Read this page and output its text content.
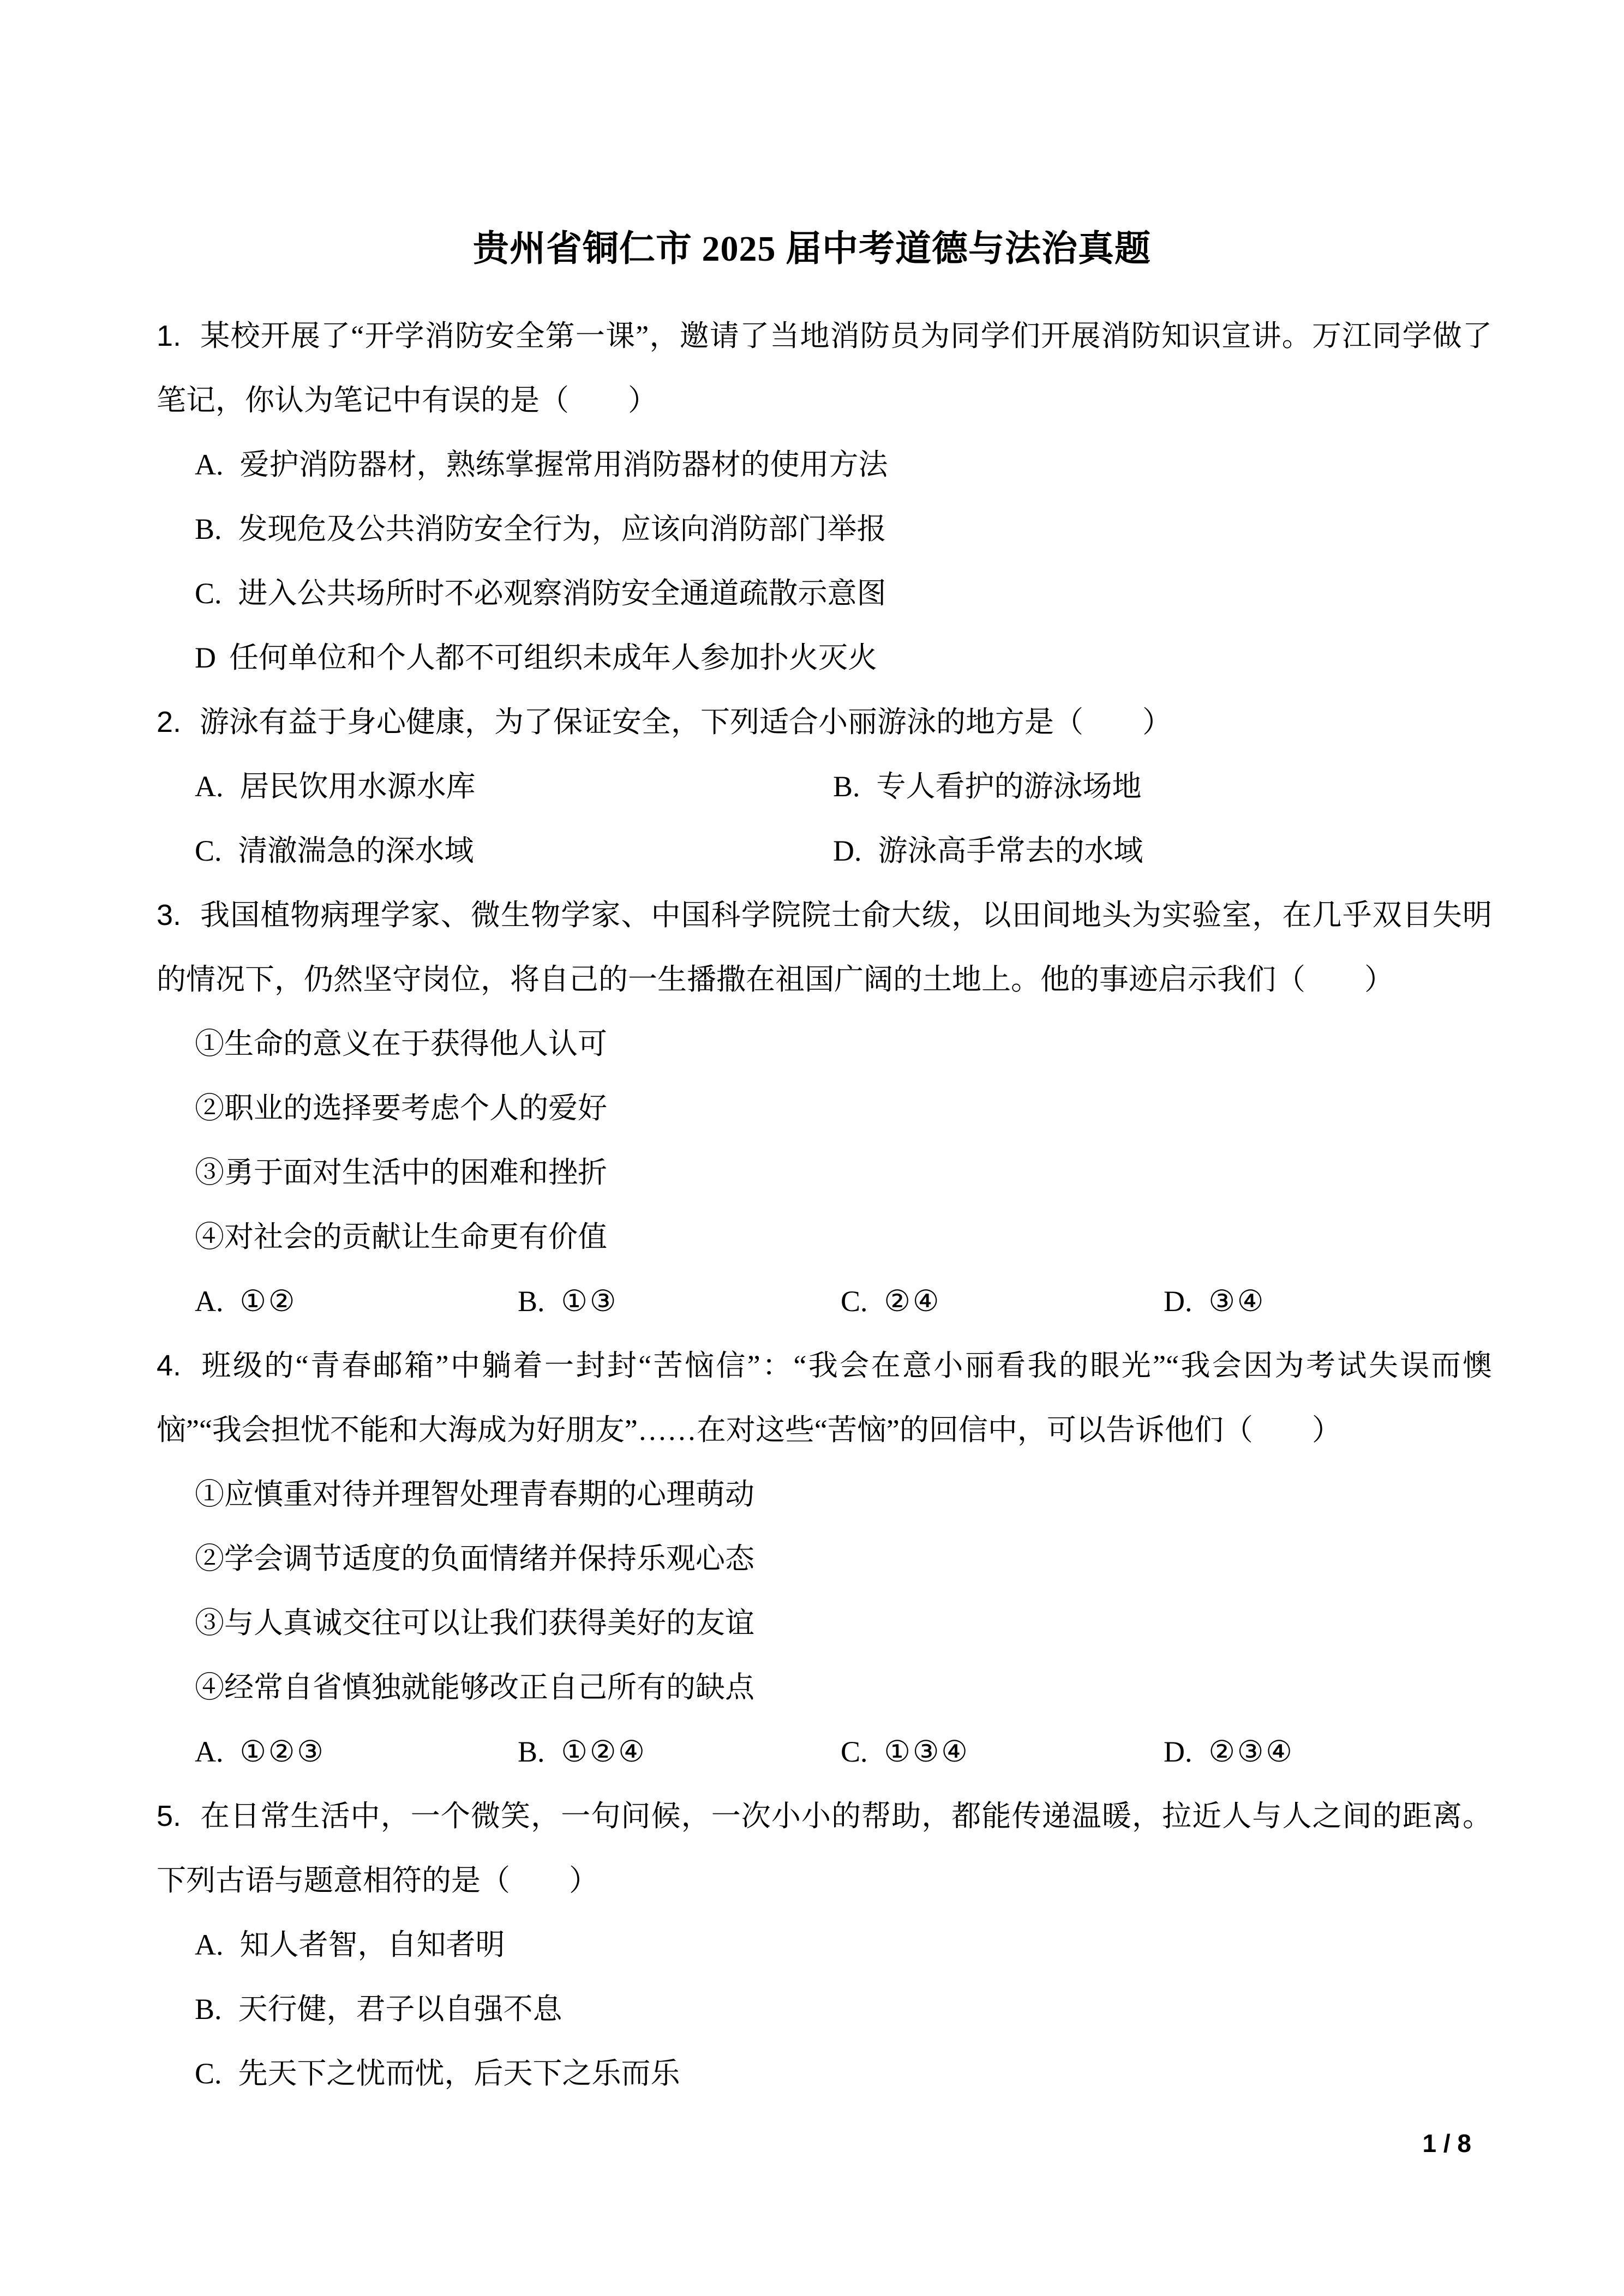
贵州省铜仁市 2025 届中考道德与法治真题

1. 某校开展了“开学消防安全第一课”，邀请了当地消防员为同学们开展消防知识宣讲。万江同学做了笔记，你认为笔记中有误的是（　　）

A. 爱护消防器材，熟练掌握常用消防器材的使用方法
B. 发现危及公共消防安全行为，应该向消防部门举报
C. 进入公共场所时不必观察消防安全通道疏散示意图
D 任何单位和个人都不可组织未成年人参加扑火灭火

2. 游泳有益于身心健康，为了保证安全，下列适合小丽游泳的地方是（　　）

A. 居民饮用水源水库	B. 专人看护的游泳场地
C. 清澈湍急的深水域	D. 游泳高手常去的水域

3. 我国植物病理学家、微生物学家、中国科学院院士俞大绂，以田间地头为实验室，在几乎双目失明的情况下，仍然坚守岗位，将自己的一生播撒在祖国广阔的土地上。他的事迹启示我们（　　）

①生命的意义在于获得他人认可
②职业的选择要考虑个人的爱好
③勇于面对生活中的困难和挫折
④对社会的贡献让生命更有价值
A. ①②	B. ①③	C. ②④	D. ③④

4. 班级的“青春邮箱”中躺着一封封“苦恼信”：“我会在意小丽看我的眼光”“我会因为考试失误而懊恼”“我会担忧不能和大海成为好朋友”……在对这些“苦恼”的回信中，可以告诉他们（　　）

①应慎重对待并理智处理青春期的心理萌动
②学会调节适度的负面情绪并保持乐观心态
③与人真诚交往可以让我们获得美好的友谊
④经常自省慎独就能够改正自己所有的缺点
A. ①②③	B. ①②④	C. ①③④	D. ②③④

5. 在日常生活中，一个微笑，一句问候，一次小小的帮助，都能传递温暖，拉近人与人之间的距离。下列古语与题意相符的是（　　）

A. 知人者智，自知者明
B. 天行健，君子以自强不息
C. 先天下之忧而忧，后天下之乐而乐
1 / 8
